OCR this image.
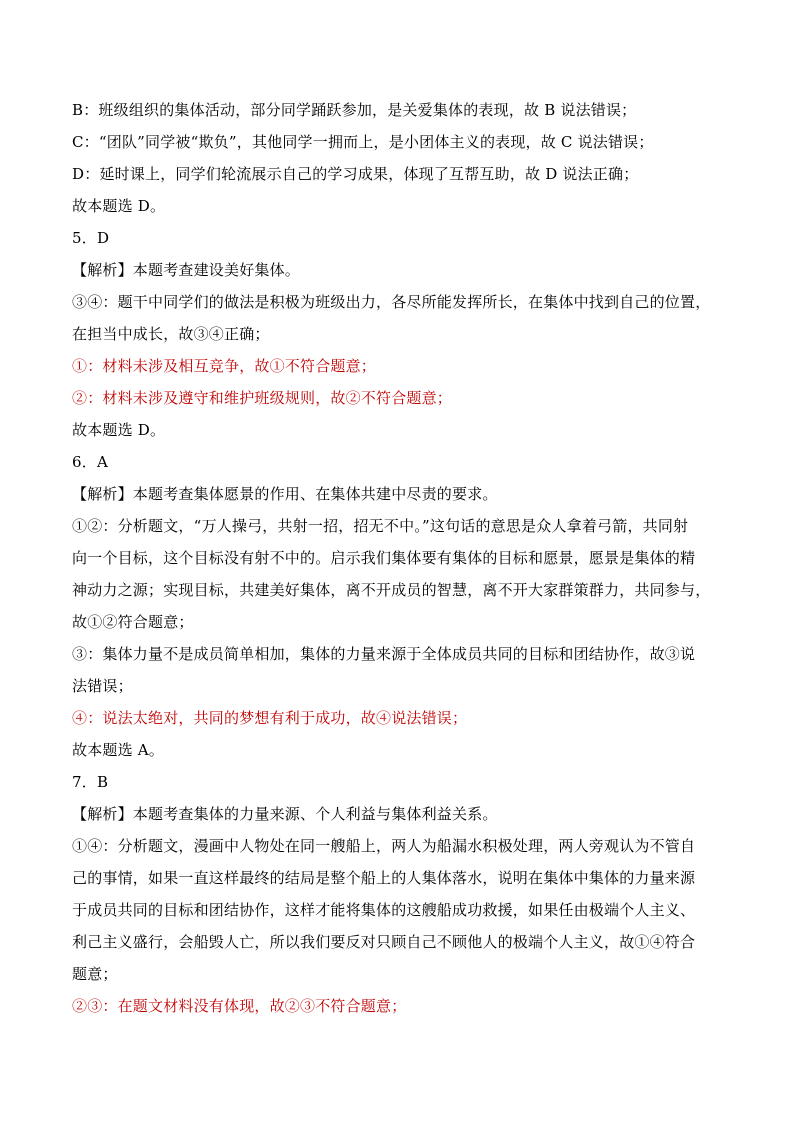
B：班级组织的集体活动，部分同学踊跃参加，是关爱集体的表现，故 B 说法错误；
C：“团队”同学被“欺负”，其他同学一拥而上，是小团体主义的表现，故 C 说法错误；
D：延时课上，同学们轮流展示自己的学习成果，体现了互帮互助，故 D 说法正确；
故本题选 D。
5．D
【解析】本题考查建设美好集体。
③④：题干中同学们的做法是积极为班级出力，各尽所能发挥所长，在集体中找到自己的位置，
在担当中成长，故③④正确；
①：材料未涉及相互竞争，故①不符合题意；
②：材料未涉及遵守和维护班级规则，故②不符合题意；
故本题选 D。
6．A
【解析】本题考查集体愿景的作用、在集体共建中尽责的要求。
①②：分析题文，“万人操弓，共射一招，招无不中。”这句话的意思是众人拿着弓箭，共同射
向一个目标，这个目标没有射不中的。启示我们集体要有集体的目标和愿景，愿景是集体的精
神动力之源；实现目标，共建美好集体，离不开成员的智慧，离不开大家群策群力，共同参与，
故①②符合题意；
③：集体力量不是成员简单相加，集体的力量来源于全体成员共同的目标和团结协作，故③说
法错误；
④：说法太绝对，共同的梦想有利于成功，故④说法错误；
故本题选 A。
7．B
【解析】本题考查集体的力量来源、个人利益与集体利益关系。
①④：分析题文，漫画中人物处在同一艘船上，两人为船漏水积极处理，两人旁观认为不管自
己的事情，如果一直这样最终的结局是整个船上的人集体落水，说明在集体中集体的力量来源
于成员共同的目标和团结协作，这样才能将集体的这艘船成功救援，如果任由极端个人主义、
利己主义盛行，会船毁人亡，所以我们要反对只顾自己不顾他人的极端个人主义，故①④符合
题意；
②③：在题文材料没有体现，故②③不符合题意；
